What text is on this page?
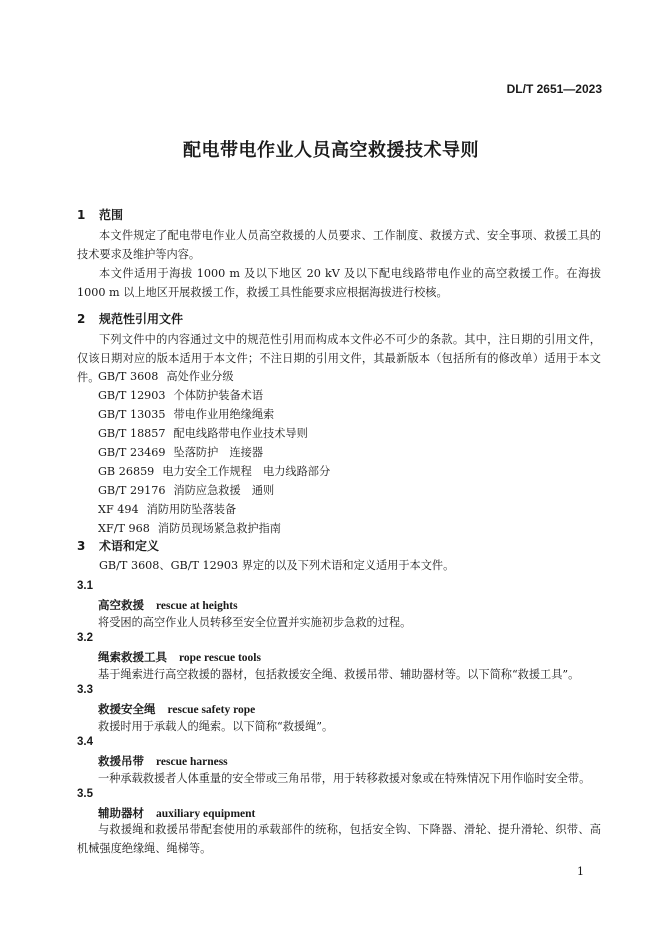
DL/T 2651—2023
配电带电作业人员高空救援技术导则
1 范围
本文件规定了配电带电作业人员高空救援的人员要求、工作制度、救援方式、安全事项、救援工具的技术要求及维护等内容。
本文件适用于海拔 1000 m 及以下地区 20 kV 及以下配电线路带电作业的高空救援工作。在海拔 1000 m 以上地区开展救援工作，救援工具性能要求应根据海拔进行校核。
2 规范性引用文件
下列文件中的内容通过文中的规范性引用而构成本文件必不可少的条款。其中，注日期的引用文件，仅该日期对应的版本适用于本文件；不注日期的引用文件，其最新版本（包括所有的修改单）适用于本文件。
GB/T 3608 高处作业分级
GB/T 12903 个体防护装备术语
GB/T 13035 带电作业用绝缘绳索
GB/T 18857 配电线路带电作业技术导则
GB/T 23469 坠落防护　连接器
GB 26859 电力安全工作规程　电力线路部分
GB/T 29176 消防应急救援　通则
XF 494 消防用防坠落装备
XF/T 968 消防员现场紧急救护指南
3 术语和定义
GB/T 3608、GB/T 12903 界定的以及下列术语和定义适用于本文件。
3.1
高空救援 rescue at heights
将受困的高空作业人员转移至安全位置并实施初步急救的过程。
3.2
绳索救援工具 rope rescue tools
基于绳索进行高空救援的器材，包括救援安全绳、救援吊带、辅助器材等。以下简称“救援工具”。
3.3
救援安全绳 rescue safety rope
救援时用于承载人的绳索。以下简称“救援绳”。
3.4
救援吊带 rescue harness
一种承载救援者人体重量的安全带或三角吊带，用于转移救援对象或在特殊情况下用作临时安全带。
3.5
辅助器材 auxiliary equipment
与救援绳和救援吊带配套使用的承载部件的统称，包括安全钩、下降器、滑轮、提升滑轮、织带、高机械强度绝缘绳、绳梯等。
1
